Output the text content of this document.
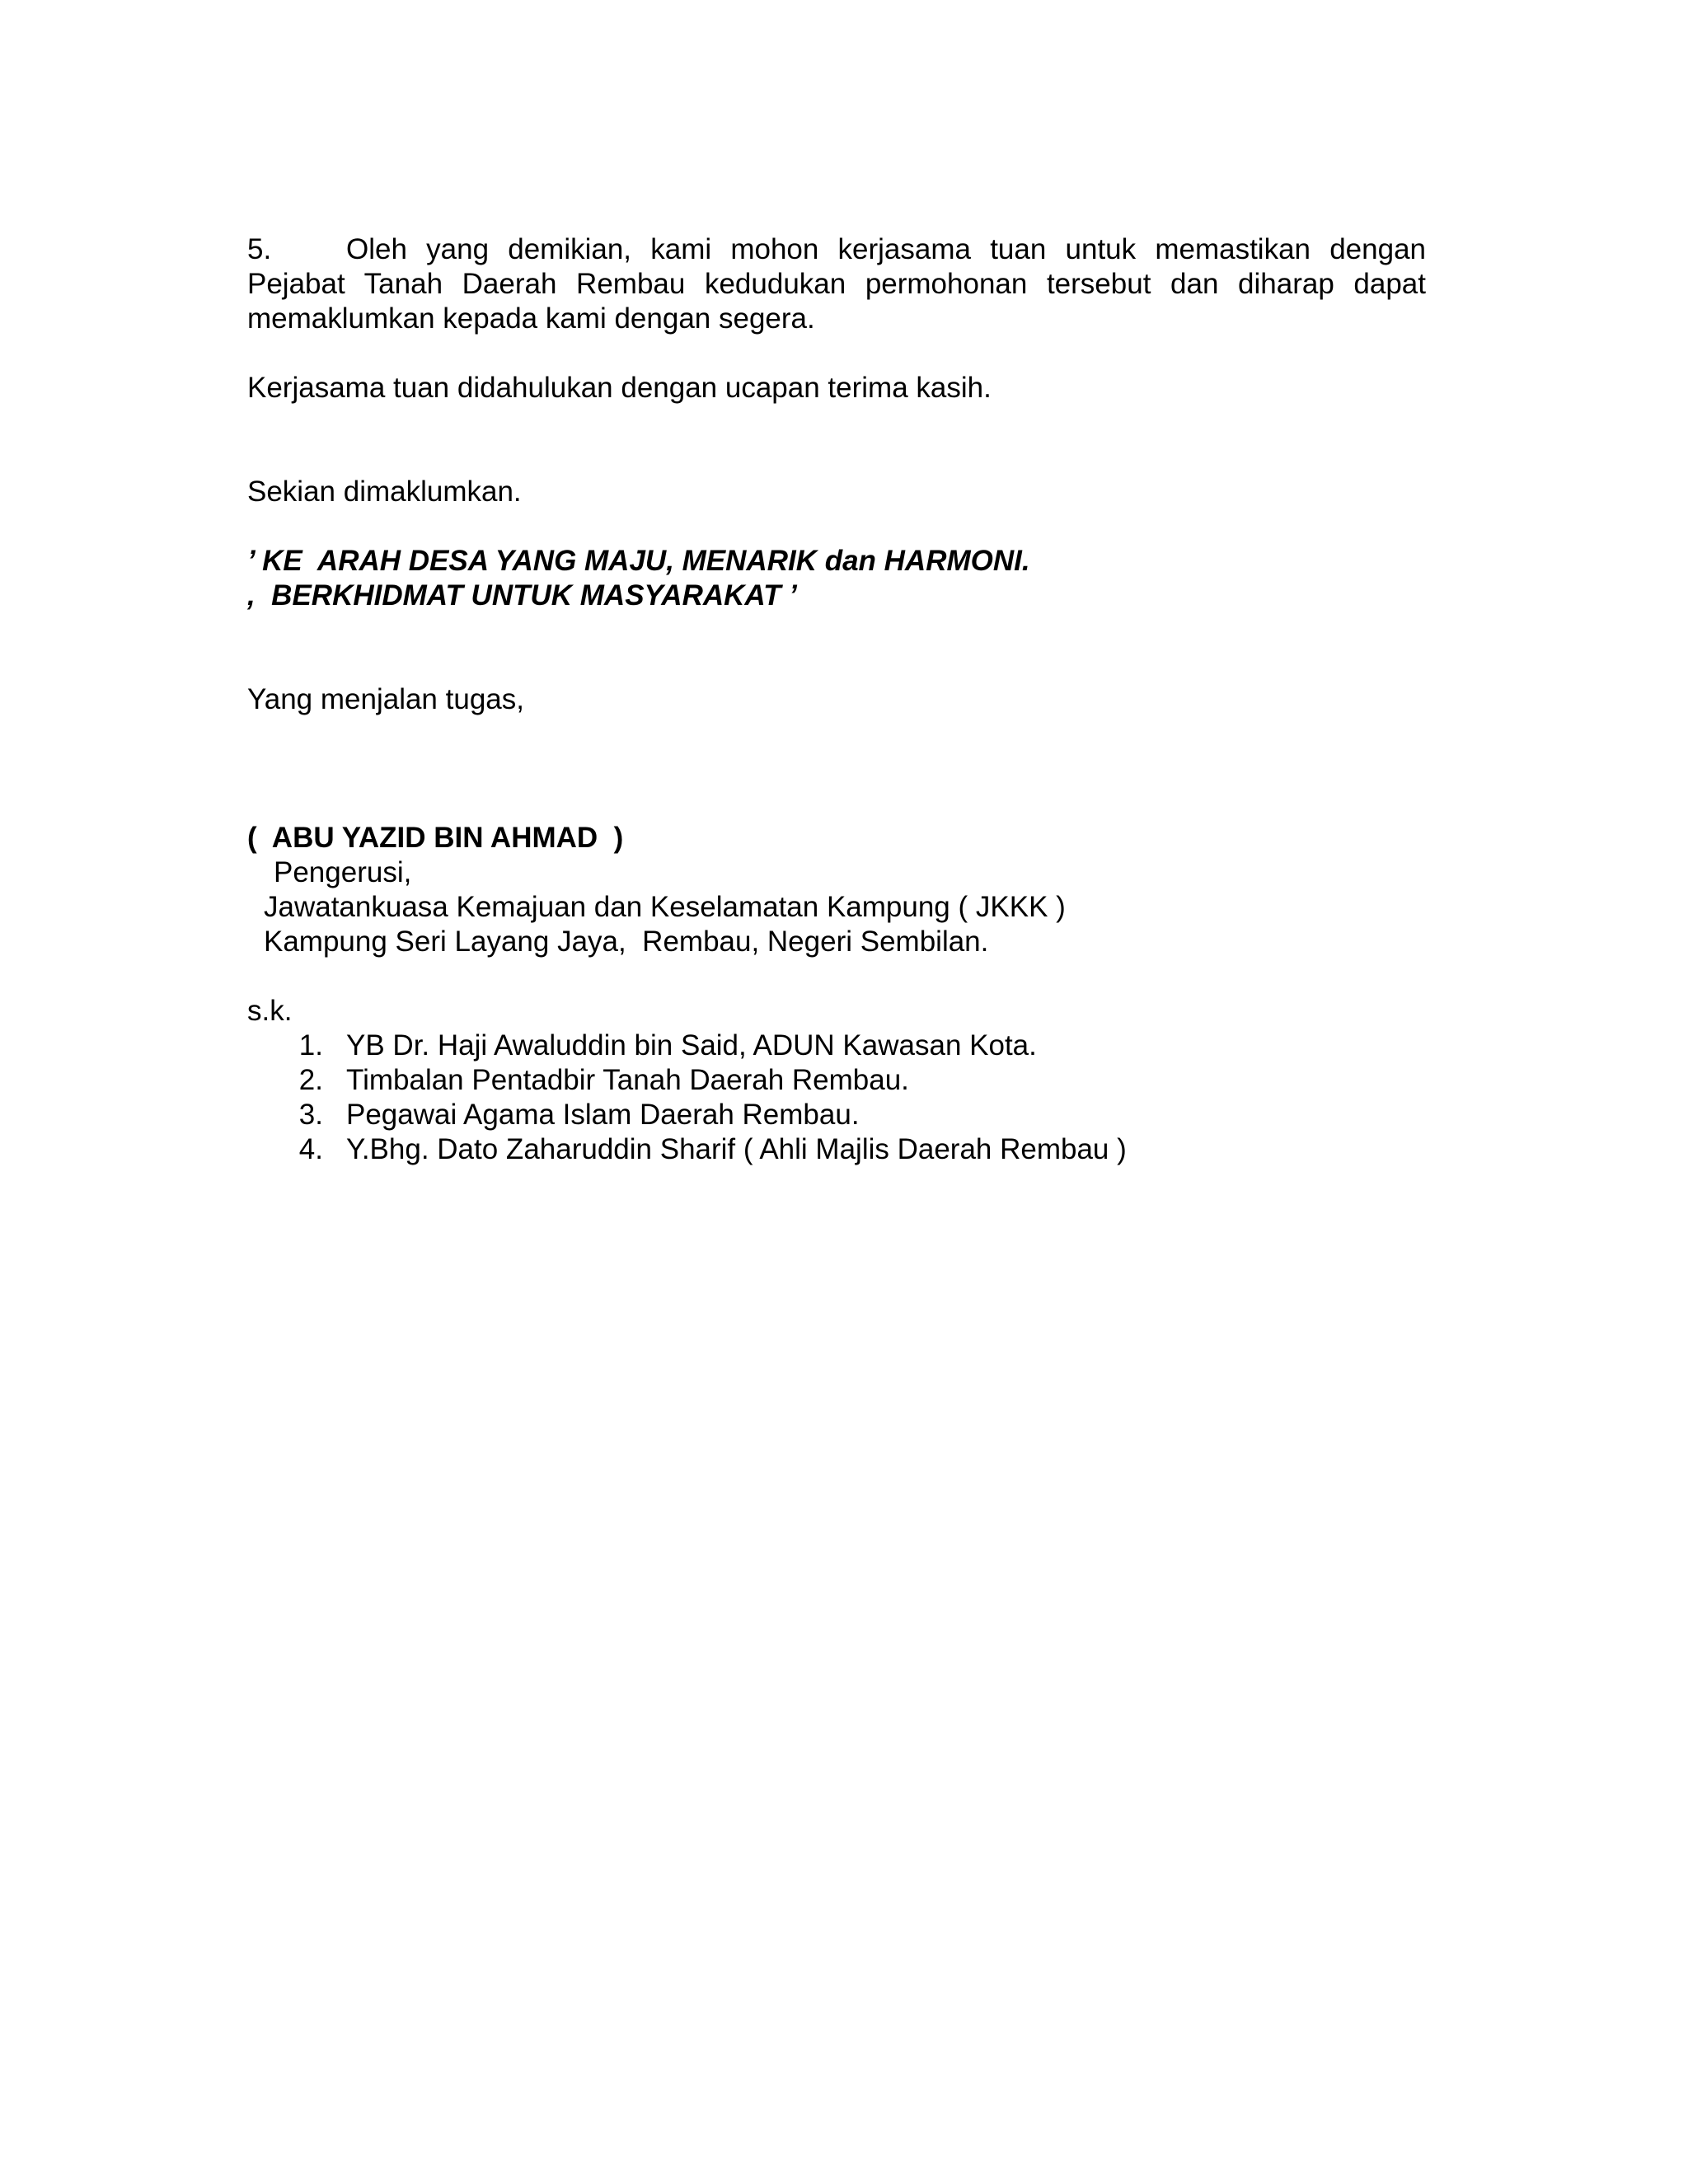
5.	Oleh yang demikian, kami mohon kerjasama tuan untuk memastikan dengan Pejabat Tanah Daerah Rembau kedudukan permohonan tersebut dan diharap dapat memaklumkan kepada kami dengan segera.

Kerjasama tuan didahulukan dengan ucapan terima kasih.

Sekian dimaklumkan.

’ KE  ARAH DESA YANG MAJU, MENARIK dan HARMONI.

,  BERKHIDMAT UNTUK MASYARAKAT ’

Yang menjalan tugas,

(  ABU YAZID BIN AHMAD  )

Pengerusi,

Jawatankuasa Kemajuan dan Keselamatan Kampung ( JKKK )

Kampung Seri Layang Jaya,  Rembau, Negeri Sembilan.

s.k.

1. YB Dr. Haji Awaluddin bin Said, ADUN Kawasan Kota.
2. Timbalan Pentadbir Tanah Daerah Rembau.
3. Pegawai Agama Islam Daerah Rembau.
4. Y.Bhg. Dato Zaharuddin Sharif ( Ahli Majlis Daerah Rembau )
